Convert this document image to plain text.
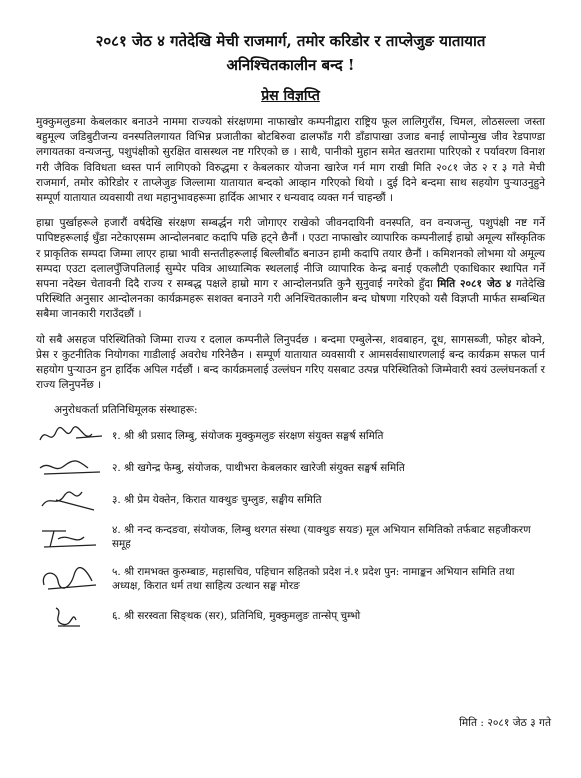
२०८१ जेठ ४ गतेदेखि मेची राजमार्ग, तमोर करिडोर र ताप्लेजुङ यातायात

अनिश्चितकालीन बन्द !

प्रेस विज्ञप्ति

मुक्कुमलुङमा केबलकार बनाउने नाममा राज्यको संरक्षणमा नाफाखोर कम्पनीद्वारा राष्ट्रिय फूल लालिगुराँस, चिमल, लोठसल्ला जस्ता बहुमूल्य जडिबुटीजन्य वनस्पतिलगायत विभिन्न प्रजातीका बोटबिरुवा ढालफाँड गरी डाँडापाखा उजाड बनाई लापोन्मुख जीव रेडपाण्डा लगायतका वन्यजन्तु, पशुपंक्षीको सुरक्षित वासस्थल नष्ट गरिएको छ । साथै, पानीको मुहान समेत खतरामा पारिएको र पर्यावरण विनाश गरी जैविक विविधता ध्वस्त पार्न लागिएको विरुद्धमा र केबलकार योजना खारेज गर्न माग राखी मिति २०८१ जेठ २ र ३ गते मेची राजमार्ग, तमोर कोरिडोर र ताप्लेजुङ जिल्लामा यातायात बन्दको आव्हान गरिएको थियो । दुई दिने बन्दमा साथ सहयोग पुऱ्याउनुहुने सम्पूर्ण यातायात व्यवसायी तथा महानुभावहरूमा हार्दिक आभार र धन्यवाद व्यक्त गर्न चाहन्छौं ।

हाम्रा पुर्खाहरूले हजारौं वर्षदेखि संरक्षण सम्बर्द्धन गरी जोगाएर राखेको जीवनदायिनी वनस्पति, वन वन्यजन्तु, पशुपंक्षी नष्ट गर्ने पापिष्टहरूलाई धुँडा नटेकाएसम्म आन्दोलनबाट कदापि पछि हट्ने छैनौं । एउटा नाफाखोर व्यापारिक कम्पनीलाई हाम्रो अमूल्य साँस्कृतिक र प्राकृतिक सम्पदा जिम्मा लाएर हाम्रा भावी सन्ततीहरूलाई बिल्लीबाँठ बनाउन हामी कदापि तयार छैनौं । कमिशनको लोभमा यो अमूल्य सम्पदा एउटा दलालपुँजिपतिलाई सुम्पेर पवित्र आध्यात्मिक स्थललाई नीजि व्यापारिक केन्द्र बनाई एकलौटी एकाधिकार स्थापित गर्ने सपना नदेख्न चेतावनी दिदै राज्य र सम्बद्ध पक्षले हाम्रो माग र आन्दोलनप्रति कुनै सुनुवाई नगरेको हुँदा मिति २०८१ जेठ ४ गतेदेखि परिस्थिति अनुसार आन्दोलनका कार्यक्रमहरू सशक्त बनाउने गरी अनिश्चितकालीन बन्द घोषणा गरिएको यसै विज्ञप्ती मार्फत सम्बन्धित सबैमा जानकारी गराउँदछौं ।

यो सबै असहज परिस्थितिको जिम्मा राज्य र दलाल कम्पनीले लिनुपर्दछ । बन्दमा एम्बुलेन्स, शवबाहन, दूध, सागसब्जी, फोहर बोक्ने, प्रेस र कुटनीतिक नियोगका गाडीलाई अवरोध गरिनेछैन । सम्पूर्ण यातायात व्यवसायी र आमसर्वसाधारणलाई बन्द कार्यक्रम सफल पार्न सहयोग पुऱ्याउन हुन हार्दिक अपिल गर्दछौं । बन्द कार्यक्रमलाई उल्लंघन गरिए यसबाट उत्पन्न परिस्थितिको जिम्मेवारी स्वयं उल्लंघनकर्ता र राज्य लिनुपर्नेछ ।

अनुरोधकर्ता प्रतिनिधिमूलक संस्थाहरू:
१. श्री श्री प्रसाद लिम्बु, संयोजक मुक्कुमलुङ संरक्षण संयुक्त सङ्घर्ष समिति
२. श्री खगेन्द्र फेम्बु, संयोजक, पाथीभरा केबलकार खारेजी संयुक्त सङ्घर्ष समिति
३. श्री प्रेम येक्तेन, किरात याक्थुङ चुम्लुङ, सङ्घीय समिति
४. श्री नन्द कन्दङवा, संयोजक, लिम्बु थरगत संस्था (याक्थुङ सयङ) मूल अभियान समितिको तर्फबाट सहजीकरण समूह
५. श्री रामभक्त कुरुम्बाङ, महासचिव, पहिचान सहितको प्रदेश नं.१ प्रदेश पुन: नामाङ्कन अभियान समिति तथा अध्यक्ष, किरात धर्म तथा साहित्य उत्थान सङ्घ मोरङ
६. श्री सरस्वता सिङ्थक (सर), प्रतिनिधि, मुक्कुमलुङ तान्सेप् चुम्भो
मिति : २०८१ जेठ ३ गते
